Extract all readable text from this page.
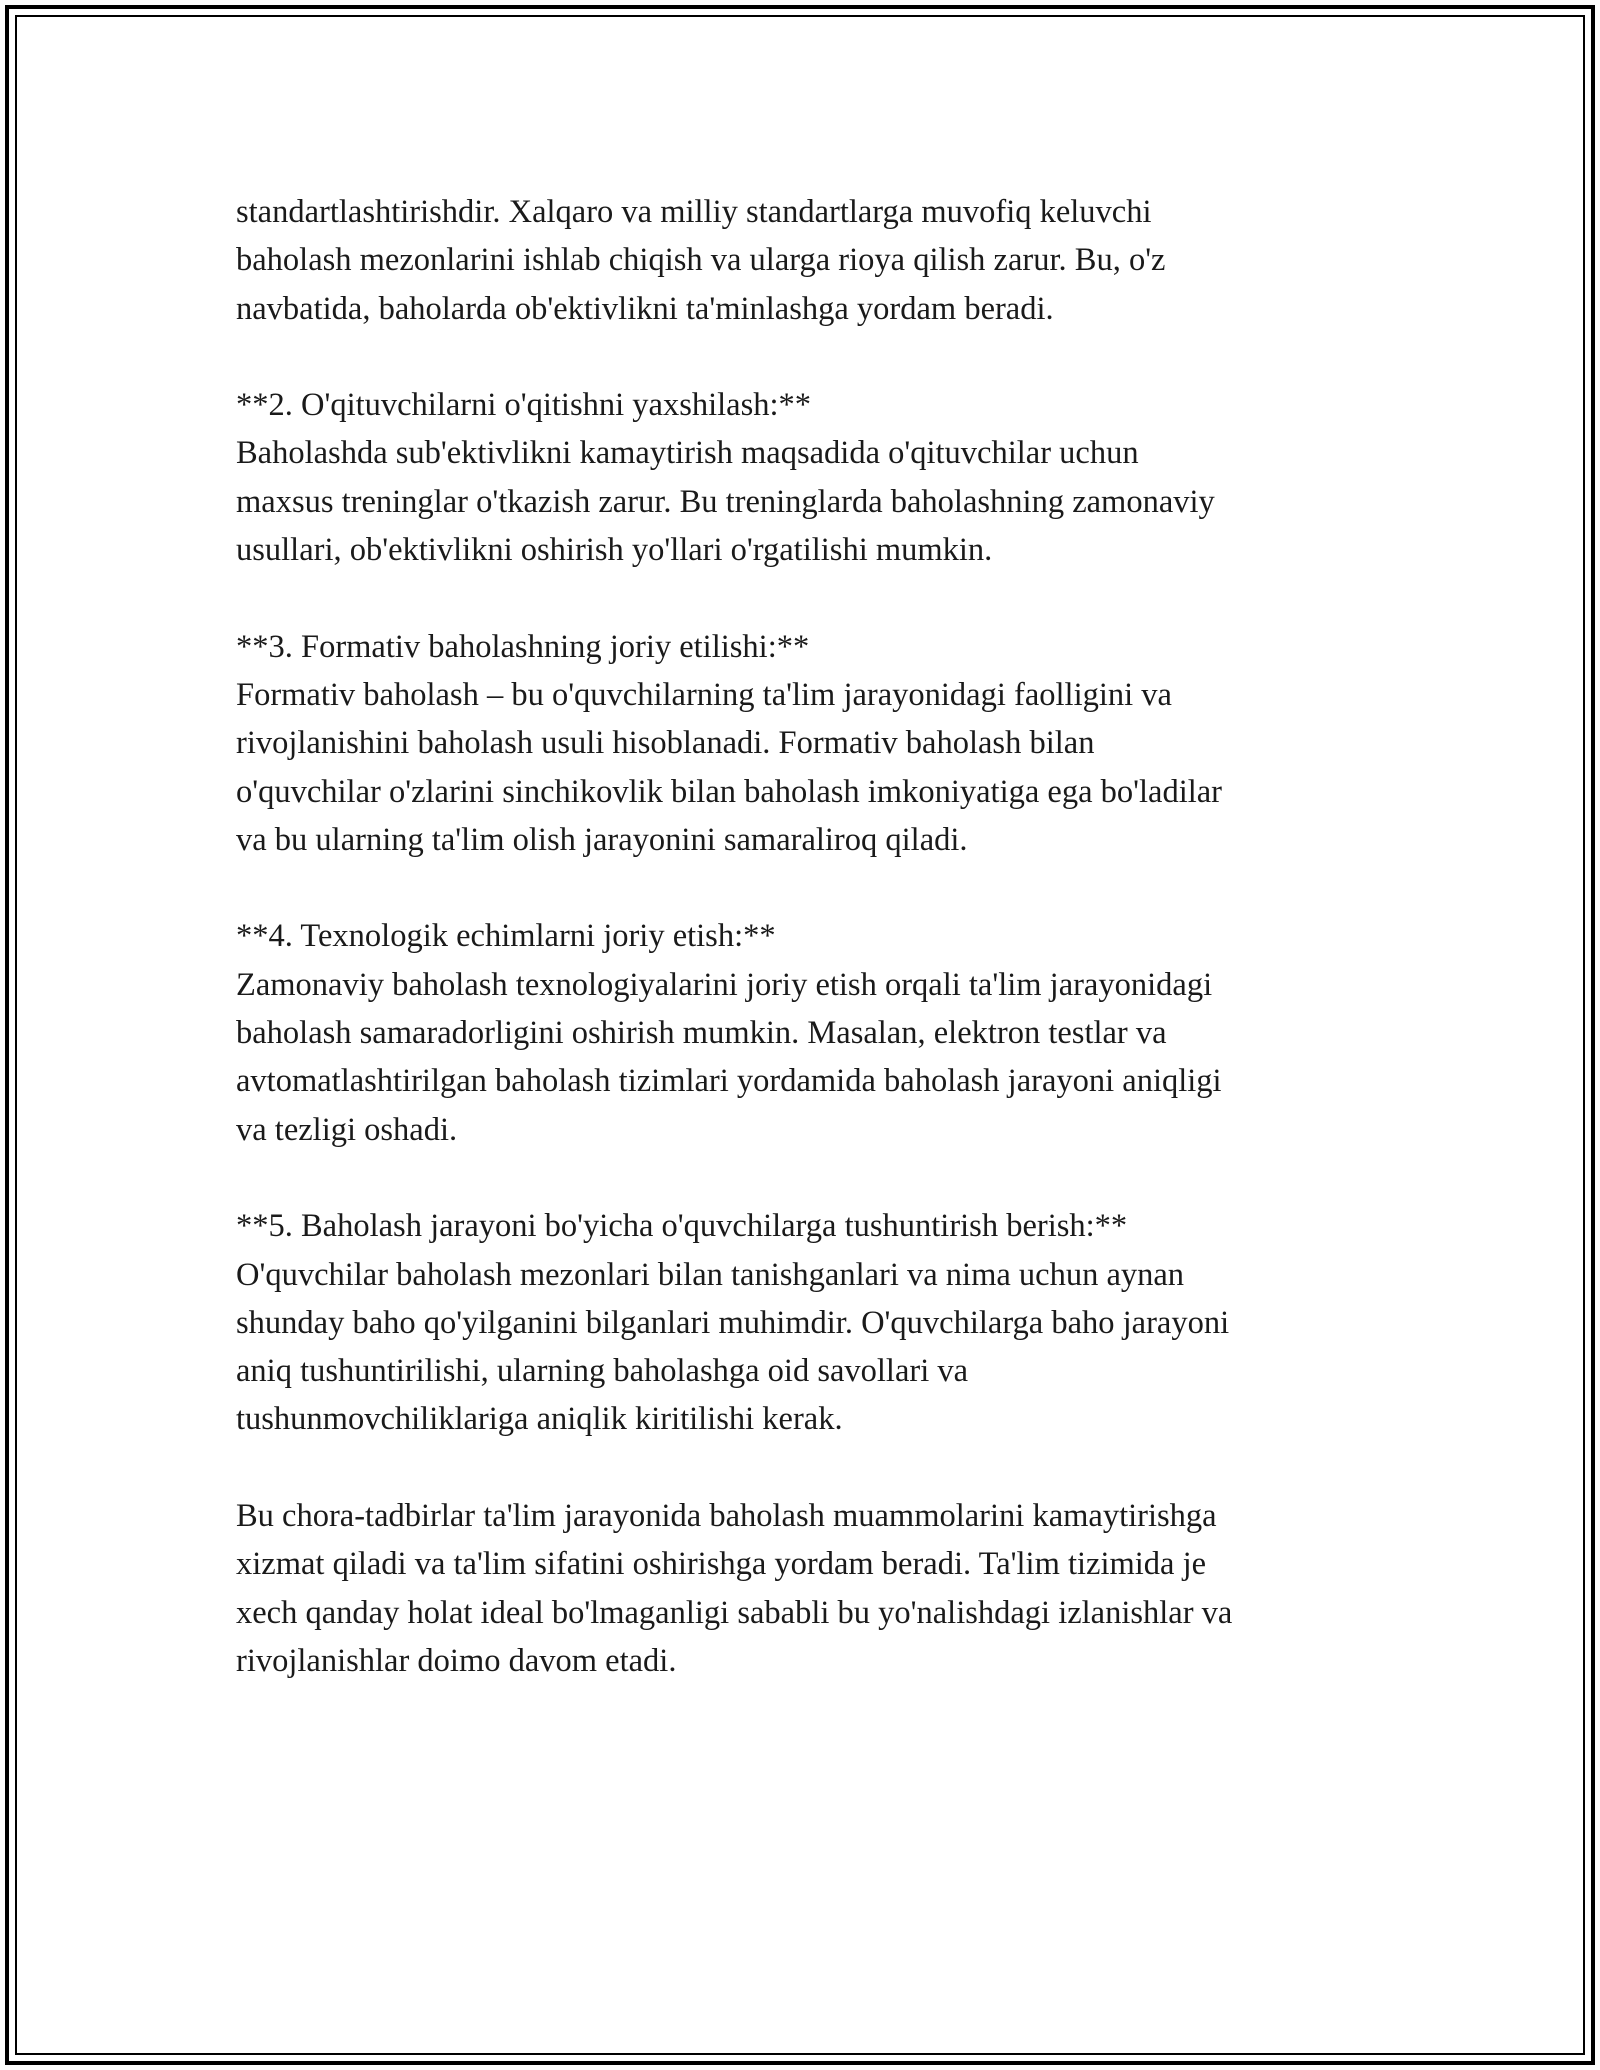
standartlashtirishdir. Xalqaro va milliy standartlarga muvofiq keluvchi
baholash mezonlarini ishlab chiqish va ularga rioya qilish zarur. Bu, o'z
navbatida, baholarda ob'ektivlikni ta'minlashga yordam beradi.
**2. O'qituvchilarni o'qitishni yaxshilash:**
Baholashda sub'ektivlikni kamaytirish maqsadida o'qituvchilar uchun
maxsus treninglar o'tkazish zarur. Bu treninglarda baholashning zamonaviy
usullari, ob'ektivlikni oshirish yo'llari o'rgatilishi mumkin.
**3. Formativ baholashning joriy etilishi:**
Formativ baholash – bu o'quvchilarning ta'lim jarayonidagi faolligini va
rivojlanishini baholash usuli hisoblanadi. Formativ baholash bilan
o'quvchilar o'zlarini sinchikovlik bilan baholash imkoniyatiga ega bo'ladilar
va bu ularning ta'lim olish jarayonini samaraliroq qiladi.
**4. Texnologik echimlarni joriy etish:**
Zamonaviy baholash texnologiyalarini joriy etish orqali ta'lim jarayonidagi
baholash samaradorligini oshirish mumkin. Masalan, elektron testlar va
avtomatlashtirilgan baholash tizimlari yordamida baholash jarayoni aniqligi
va tezligi oshadi.
**5. Baholash jarayoni bo'yicha o'quvchilarga tushuntirish berish:**
O'quvchilar baholash mezonlari bilan tanishganlari va nima uchun aynan
shunday baho qo'yilganini bilganlari muhimdir. O'quvchilarga baho jarayoni
aniq tushuntirilishi, ularning baholashga oid savollari va
tushunmovchiliklariga aniqlik kiritilishi kerak.
Bu chora-tadbirlar ta'lim jarayonida baholash muammolarini kamaytirishga
xizmat qiladi va ta'lim sifatini oshirishga yordam beradi. Ta'lim tizimida je
xech qanday holat ideal bo'lmaganligi sababli bu yo'nalishdagi izlanishlar va
rivojlanishlar doimo davom etadi.
